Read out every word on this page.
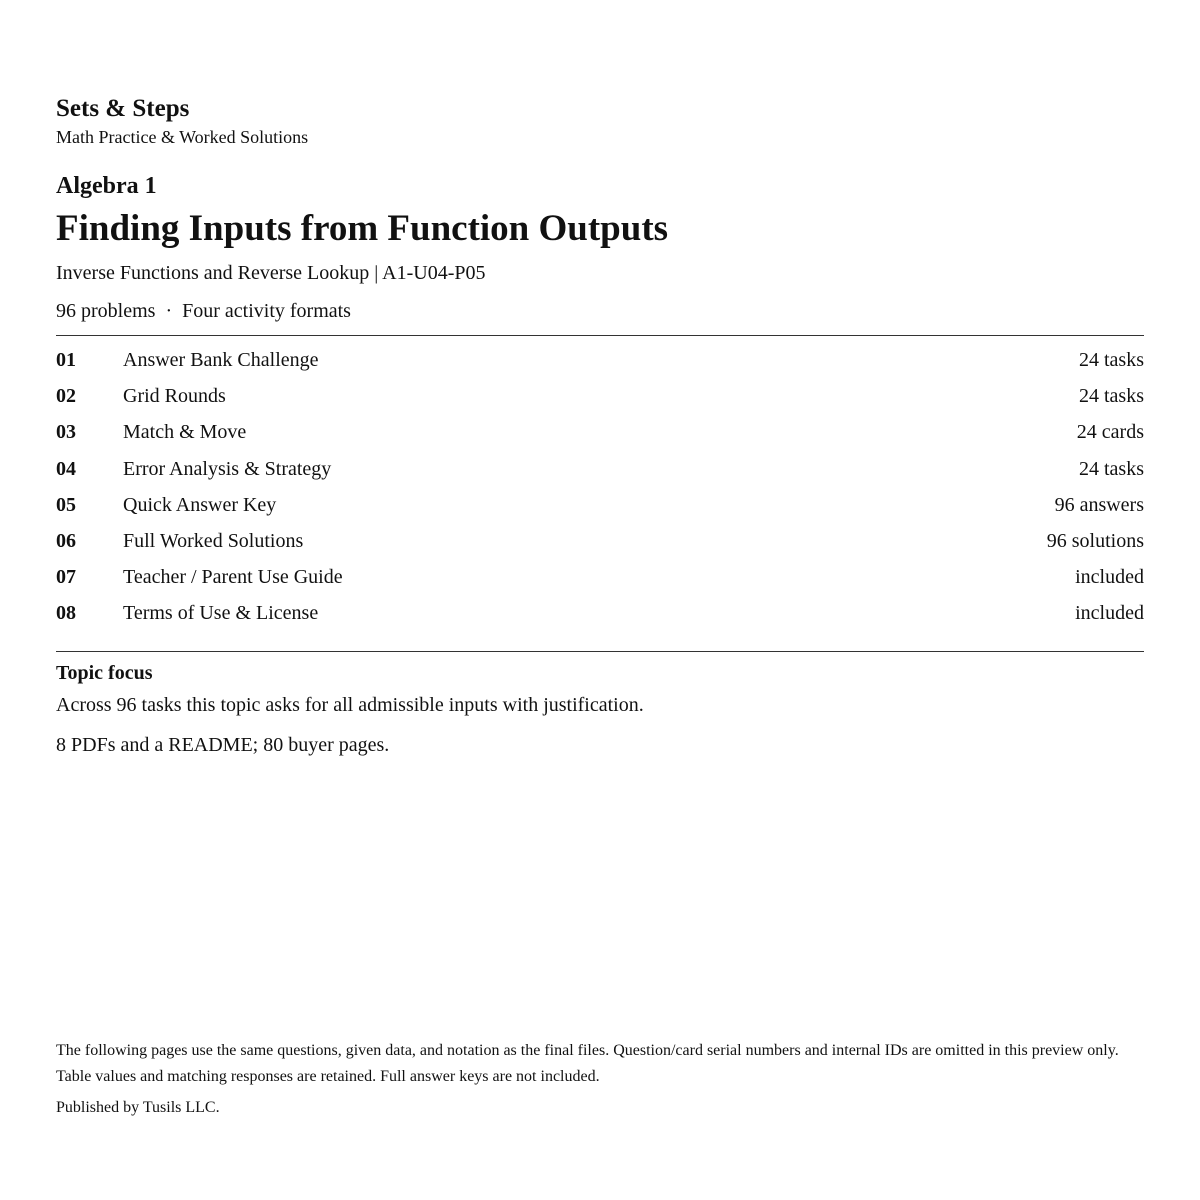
Sets & Steps
Math Practice & Worked Solutions
Algebra 1
Finding Inputs from Function Outputs
Inverse Functions and Reverse Lookup | A1-U04-P05
96 problems · Four activity formats
01 Answer Bank Challenge	24 tasks
02 Grid Rounds	24 tasks
03 Match & Move	24 cards
04 Error Analysis & Strategy	24 tasks
05 Quick Answer Key	96 answers
06 Full Worked Solutions	96 solutions
07 Teacher / Parent Use Guide	included
08 Terms of Use & License	included
Topic focus
Across 96 tasks this topic asks for all admissible inputs with justification.
8 PDFs and a README; 80 buyer pages.
The following pages use the same questions, given data, and notation as the final files. Question/card serial numbers and internal IDs are omitted in this preview only. Table values and matching responses are retained. Full answer keys are not included.
Published by Tusils LLC.
